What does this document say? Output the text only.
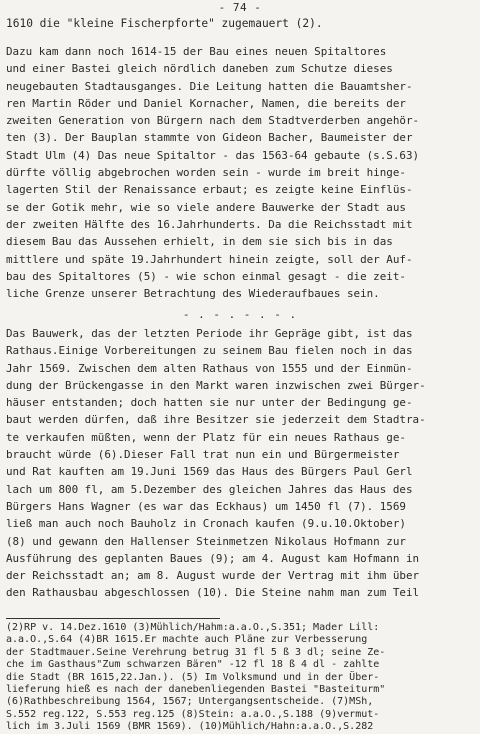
- 74 -
1610 die "kleine Fischerpforte" zugemauert (2).
Dazu kam dann noch 1614-15 der Bau eines neuen Spitaltores
und einer Bastei gleich nördlich daneben zum Schutze dieses
neugebauten Stadtausganges. Die Leitung hatten die Bauamtsher-
ren Martin Röder und Daniel Kornacher, Namen, die bereits der
zweiten Generation von Bürgern nach dem Stadtverderben angehör-
ten (3). Der Bauplan stammte von Gideon Bacher, Baumeister der
Stadt Ulm (4) Das neue Spitaltor - das 1563-64 gebaute (s.S.63)
dürfte völlig abgebrochen worden sein - wurde im breit hinge-
lagerten Stil der Renaissance erbaut; es zeigte keine Einflüs-
se der Gotik mehr, wie so viele andere Bauwerke der Stadt aus
der zweiten Hälfte des 16.Jahrhunderts. Da die Reichsstadt mit
diesem Bau das Aussehen erhielt, in dem sie sich bis in das
mittlere und späte 19.Jahrhundert hinein zeigte, soll der Auf-
bau des Spitaltores (5) - wie schon einmal gesagt - die zeit-
liche Grenze unserer Betrachtung des Wiederaufbaues sein.
- . - . - . - .
Das Bauwerk, das der letzten Periode ihr Gepräge gibt, ist das
Rathaus.Einige Vorbereitungen zu seinem Bau fielen noch in das
Jahr 1569. Zwischen dem alten Rathaus von 1555 und der Einmün-
dung der Brückengasse in den Markt waren inzwischen zwei Bürger-
häuser entstanden; doch hatten sie nur unter der Bedingung ge-
baut werden dürfen, daß ihre Besitzer sie jederzeit dem Stadtra-
te verkaufen müßten, wenn der Platz für ein neues Rathaus ge-
braucht würde (6).Dieser Fall trat nun ein und Bürgermeister
und Rat kauften am 19.Juni 1569 das Haus des Bürgers Paul Gerl
lach um 800 fl, am 5.Dezember des gleichen Jahres das Haus des
Bürgers Hans Wagner (es war das Eckhaus) um 1450 fl (7). 1569
ließ man auch noch Bauholz in Cronach kaufen (9.u.10.Oktober)
(8) und gewann den Hallenser Steinmetzen Nikolaus Hofmann zur
Ausführung des geplanten Baues (9); am 4. August kam Hofmann in
der Reichsstadt an; am 8. August wurde der Vertrag mit ihm über
den Rathausbau abgeschlossen (10). Die Steine nahm man zum Teil
(2)RP v. 14.Dez.1610 (3)Mühlich/Hahm:a.a.O.,S.351; Mader Lill:
a.a.O.,S.64 (4)BR 1615.Er machte auch Pläne zur Verbesserung
der Stadtmauer.Seine Verehrung betrug 31 fl 5 ß 3 dl; seine Ze-
che im Gasthaus"Zum schwarzen Bären" -12 fl 18 ß 4 dl - zahlte
die Stadt (BR 1615,22.Jan.). (5) Im Volksmund und in der Über-
lieferung hieß es nach der danebenliegenden Bastei "Basteiturm"
(6)Rathbeschreibung 1564, 1567; Untergangsentscheide. (7)MSh,
S.552 reg.122, S.553 reg.125 (8)Stein: a.a.O.,S.188 (9)vermut-
lich im 3.Juli 1569 (BMR 1569). (10)Mühlich/Hahn:a.a.O.,S.282
